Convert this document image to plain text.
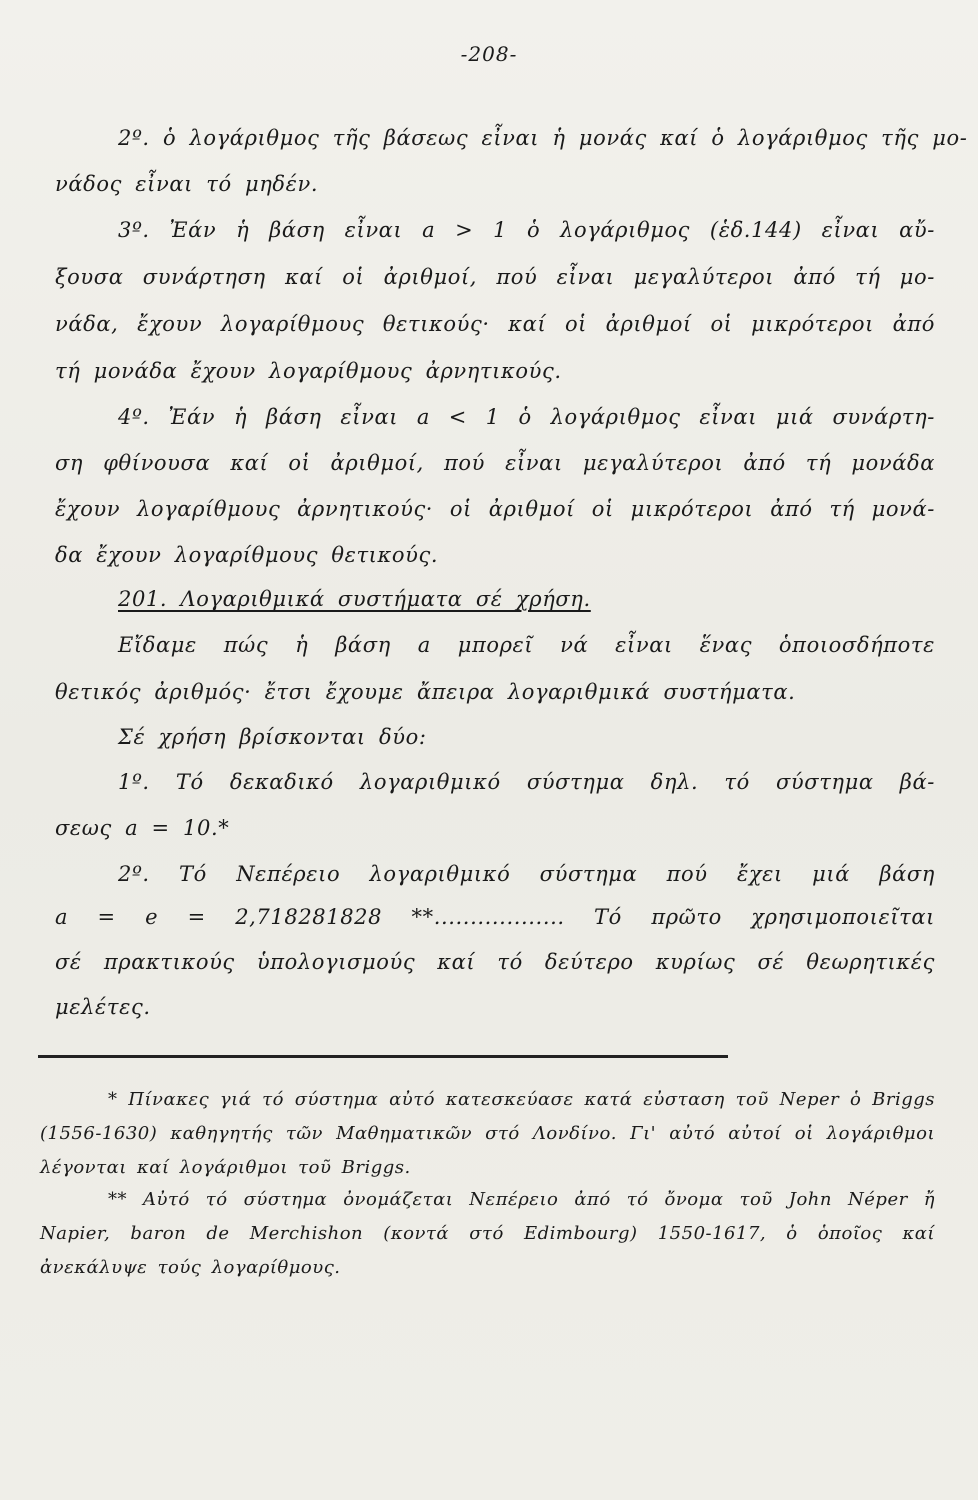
-208-
2º. ὁ λογάριθμος τῆς βάσεως εἶναι ἡ μονάς καί ὁ λογάριθμος τῆς μο-
νάδος εἶναι τό μηδέν.
3º. Ἐάν ἡ βάση εἶναι a > 1 ὁ λογάριθμος (ἑδ.144) εἶναι αὔ-
ξουσα συνάρτηση καί οἱ ἀριθμοί, πού εἶναι μεγαλύτεροι ἀπό τή μο-
νάδα, ἔχουν λογαρίθμους θετικούς· καί οἱ ἀριθμοί οἱ μικρότεροι ἀπό
τή μονάδα ἔχουν λογαρίθμους ἀρνητικούς.
4º. Ἐάν ἡ βάση εἶναι a < 1 ὁ λογάριθμος εἶναι μιά συνάρτη-
ση φθίνουσα καί οἱ ἀριθμοί, πού εἶναι μεγαλύτεροι ἀπό τή μονάδα
ἔχουν λογαρίθμους ἀρνητικούς· οἱ ἀριθμοί οἱ μικρότεροι ἀπό τή μονά-
δα ἔχουν λογαρίθμους θετικούς.
201. Λογαριθμικά συστήματα σέ χρήση.
Εἴδαμε πώς ἡ βάση a μπορεῖ νά εἶναι ἕνας ὁποιοσδήποτε
θετικός ἀριθμός· ἔτσι ἔχουμε ἄπειρα λογαριθμικά συστήματα.
Σέ χρήση βρίσκονται δύο:
1º. Τό δεκαδικό λογαριθμικό σύστημα δηλ. τό σύστημα βά-
σεως a = 10.*
2º. Τό Νεπέρειο λογαριθμικό σύστημα πού ἔχει μιά βάση
a = e = 2,718281828 **.................. Τό πρῶτο χρησιμοποιεῖται
σέ πρακτικούς ὑπολογισμούς καί τό δεύτερο κυρίως σέ θεωρητικές
μελέτες.
* Πίνακες γιά τό σύστημα αὐτό κατεσκεύασε κατά εὐσταση τοῦ Neper ὁ Briggs
(1556-1630) καθηγητής τῶν Μαθηματικῶν στό Λονδίνο. Γι' αὐτό αὐτοί οἱ λογάριθμοι
λέγονται καί λογάριθμοι τοῦ Briggs.
** Αὐτό τό σύστημα ὀνομάζεται Νεπέρειο ἀπό τό ὄνομα τοῦ John Néper ἤ
Napier, baron de Merchishon (κοντά στό Edimbourg) 1550-1617, ὁ ὁποῖος καί
ἀνεκάλυψε τούς λογαρίθμους.
